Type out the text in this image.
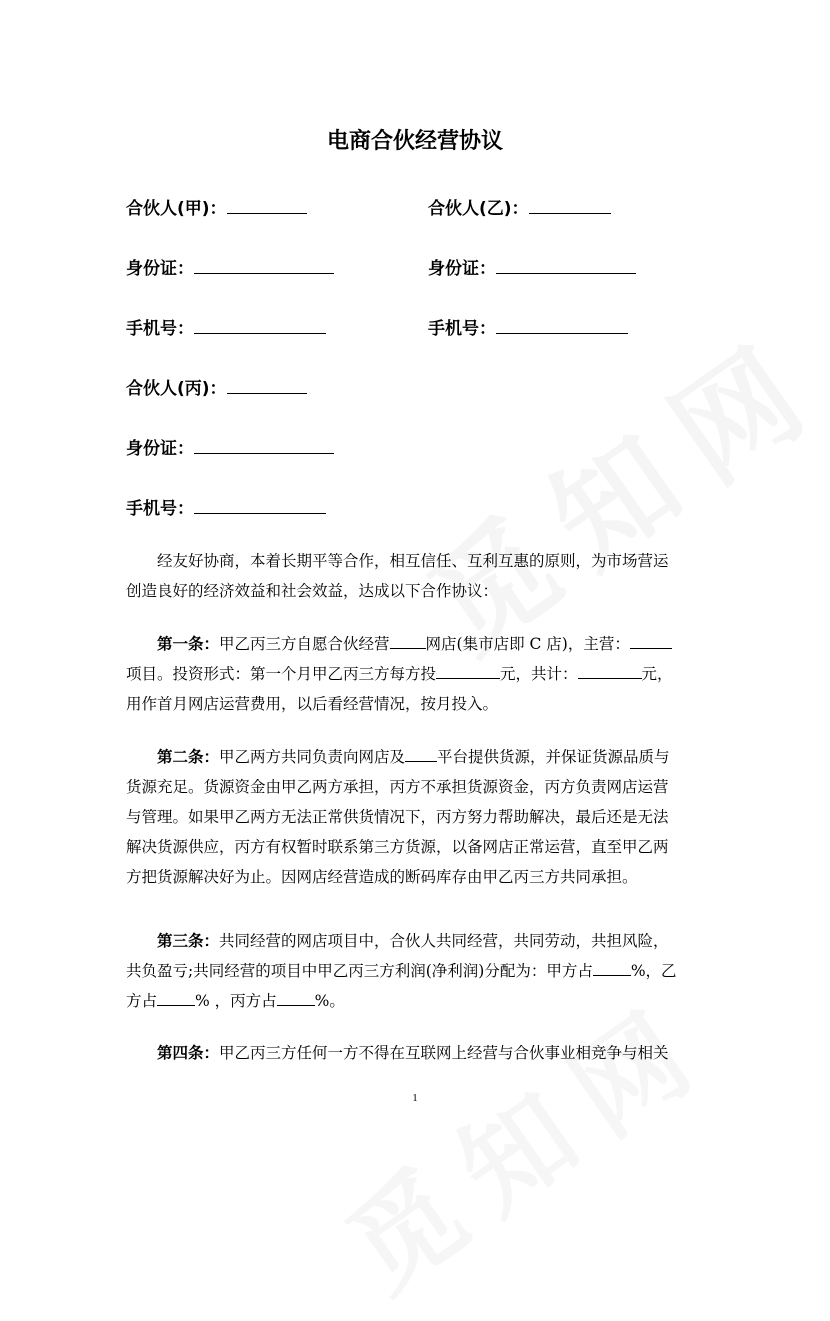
电商合伙经营协议
合伙人(甲)：	合伙人(乙)：
身份证：	身份证：
手机号：	手机号：
合伙人(丙)：
身份证：
手机号：
经友好协商，本着长期平等合作，相互信任、互利互惠的原则，为市场营运
创造良好的经济效益和社会效益，达成以下合作协议：
第一条：甲乙丙三方自愿合伙经营 网店(集市店即 C 店)，主营：
项目。投资形式：第一个月甲乙丙三方每方投	元，共计：	元，
用作首月网店运营费用，以后看经营情况，按月投入。
第二条：甲乙两方共同负责向网店及 平台提供货源，并保证货源品质与
货源充足。货源资金由甲乙两方承担，丙方不承担货源资金，丙方负责网店运营
与管理。如果甲乙两方无法正常供货情况下，丙方努力帮助解决，最后还是无法
解决货源供应，丙方有权暂时联系第三方货源，以备网店正常运营，直至甲乙两
方把货源解决好为止。因网店经营造成的断码库存由甲乙丙三方共同承担。
第三条：共同经营的网店项目中，合伙人共同经营，共同劳动，共担风险，
共负盈亏;共同经营的项目中甲乙丙三方利润(净利润)分配为：甲方占 %，乙
方占 % ，丙方占 %。
第四条：甲乙丙三方任何一方不得在互联网上经营与合伙事业相竞争与相关
1
